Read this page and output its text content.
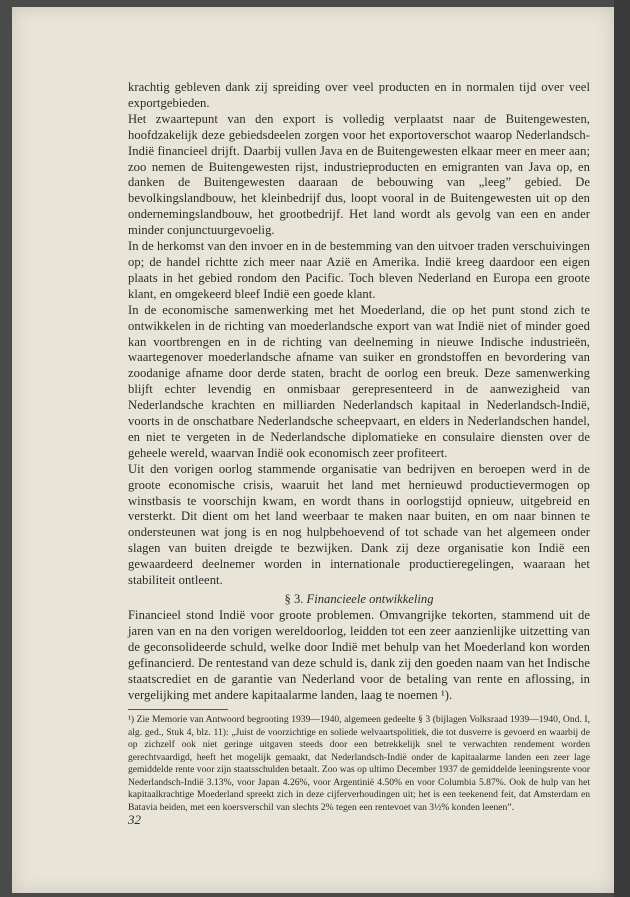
krachtig gebleven dank zij spreiding over veel producten en in normalen tijd over veel exportgebieden.

Het zwaartepunt van den export is volledig verplaatst naar de Buitengewesten, hoofdzakelijk deze gebiedsdeelen zorgen voor het exportoverschot waarop Nederlandsch-Indië financieel drijft. Daarbij vullen Java en de Buitengewesten elkaar meer en meer aan; zoo nemen de Buitengewesten rijst, industrieproducten en emigranten van Java op, en danken de Buitengewesten daaraan de bebouwing van „leeg” gebied. De bevolkingslandbouw, het kleinbedrijf dus, loopt vooral in de Buitengewesten uit op den ondernemingslandbouw, het grootbedrijf. Het land wordt als gevolg van een en ander minder conjunctuurgevoelig.

In de herkomst van den invoer en in de bestemming van den uitvoer traden verschuivingen op; de handel richtte zich meer naar Azië en Amerika. Indië kreeg daardoor een eigen plaats in het gebied rondom den Pacific. Toch bleven Nederland en Europa een groote klant, en omgekeerd bleef Indië een goede klant.

In de economische samenwerking met het Moederland, die op het punt stond zich te ontwikkelen in de richting van moederlandsche export van wat Indië niet of minder goed kan voortbrengen en in de richting van deelneming in nieuwe Indische industrieën, waartegenover moederlandsche afname van suiker en grondstoffen en bevordering van zoodanige afname door derde staten, bracht de oorlog een breuk. Deze samenwerking blijft echter levendig en onmisbaar gerepresenteerd in de aanwezigheid van Nederlandsche krachten en milliarden Nederlandsch kapitaal in Nederlandsch-Indië, voorts in de onschatbare Nederlandsche scheepvaart, en elders in Nederlandschen handel, en niet te vergeten in de Nederlandsche diplomatieke en consulaire diensten over de geheele wereld, waarvan Indië ook economisch zeer profiteert.

Uit den vorigen oorlog stammende organisatie van bedrijven en beroepen werd in de groote economische crisis, waaruit het land met hernieuwd productievermogen op winstbasis te voorschijn kwam, en wordt thans in oorlogstijd opnieuw, uitgebreid en versterkt. Dit dient om het land weerbaar te maken naar buiten, en om naar binnen te ondersteunen wat jong is en nog hulpbehoevend of tot schade van het algemeen onder slagen van buiten dreigde te bezwijken. Dank zij deze organisatie kon Indië een gewaardeerd deelnemer worden in internationale productieregelingen, waaraan het stabiliteit ontleent.

§ 3. Financieele ontwikkeling

Financieel stond Indië voor groote problemen. Omvangrijke tekorten, stammend uit de jaren van en na den vorigen wereldoorlog, leidden tot een zeer aanzienlijke uitzetting van de geconsolideerde schuld, welke door Indië met behulp van het Moederland kon worden gefinancierd. De rentestand van deze schuld is, dank zij den goeden naam van het Indische staatscrediet en de garantie van Nederland voor de betaling van rente en aflossing, in vergelijking met andere kapitaalarme landen, laag te noemen ¹).

¹) Zie Memorie van Antwoord begrooting 1939—1940, algemeen gedeelte § 3 (bijlagen Volksraad 1939—1940, Ond. I, alg. ged., Stuk 4, blz. 11): „Juist de voorzichtige en soliede welvaartspolitiek, die tot dusverre is gevoerd en waarbij de op zichzelf ook niet geringe uitgaven steeds door een betrekkelijk snel te verwachten rendement worden gerechtvaardigd, heeft het mogelijk gemaakt, dat Nederlandsch-Indië onder de kapitaalarme landen een zeer lage gemiddelde rente voor zijn staatsschulden betaalt. Zoo was op ultimo December 1937 de gemiddelde leeningsrente voor Nederlandsch-Indië 3.13%, voor Japan 4.26%, voor Argentinië 4.50% en voor Columbia 5.87%. Ook de hulp van het kapitaalkrachtige Moederland spreekt zich in deze cijferverhoudingen uit; het is een teekenend feit, dat Amsterdam en Batavia beiden, met een koersverschil van slechts 2% tegen een rentevoet van 3½% konden leenen”.

32
